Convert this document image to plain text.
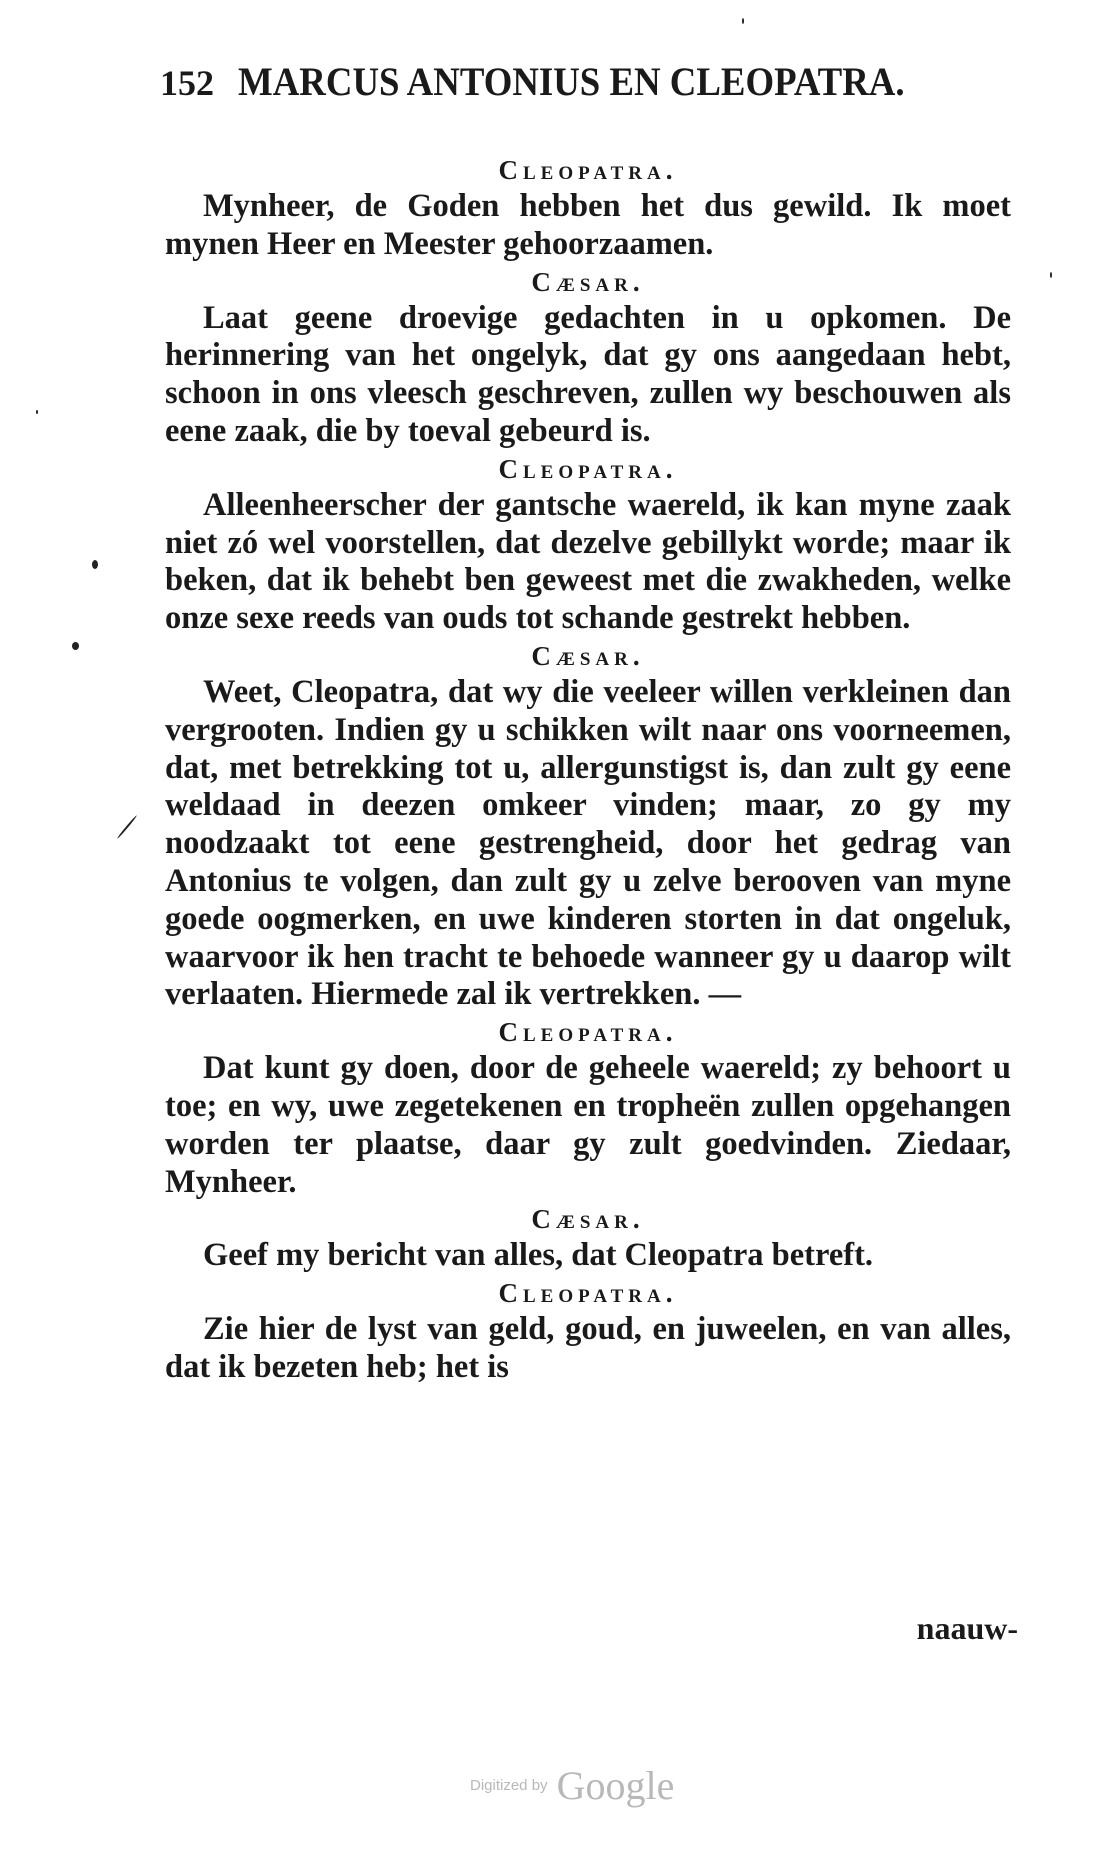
152 MARCUS ANTONIUS EN CLEOPATRA.
Cleopatra.
Mynheer, de Goden hebben het dus gewild. Ik moet mynen Heer en Meester gehoorzaamen.
Cæsar.
Laat geene droevige gedachten in u opkomen. De herinnering van het ongelyk, dat gy ons aangedaan hebt, schoon in ons vleesch geschreven, zullen wy beschouwen als eene zaak, die by toeval gebeurd is.
Cleopatra.
Alleenheerscher der gantsche waereld, ik kan myne zaak niet zó wel voorstellen, dat dezelve gebillykt worde; maar ik beken, dat ik behebt ben geweest met die zwakheden, welke onze sexe reeds van ouds tot schande gestrekt hebben.
Cæsar.
Weet, Cleopatra, dat wy die veeleer willen verkleinen dan vergrooten. Indien gy u schikken wilt naar ons voorneemen, dat, met betrekking tot u, allergunstigst is, dan zult gy eene weldaad in deezen omkeer vinden; maar, zo gy my noodzaakt tot eene gestrengheid, door het gedrag van Antonius te volgen, dan zult gy u zelve berooven van myne goede oogmerken, en uwe kinderen storten in dat ongeluk, waarvoor ik hen tracht te behoede wanneer gy u daarop wilt verlaaten. Hiermede zal ik vertrekken. —
Cleopatra.
Dat kunt gy doen, door de geheele waereld; zy behoort u toe; en wy, uwe zegetekenen en tropheën zullen opgehangen worden ter plaatse, daar gy zult goedvinden. Ziedaar, Mynheer.
Cæsar.
Geef my bericht van alles, dat Cleopatra betreft.
Cleopatra.
Zie hier de lyst van geld, goud, en juweelen, en van alles, dat ik bezeten heb; het is
naauw-
Digitized by Google
